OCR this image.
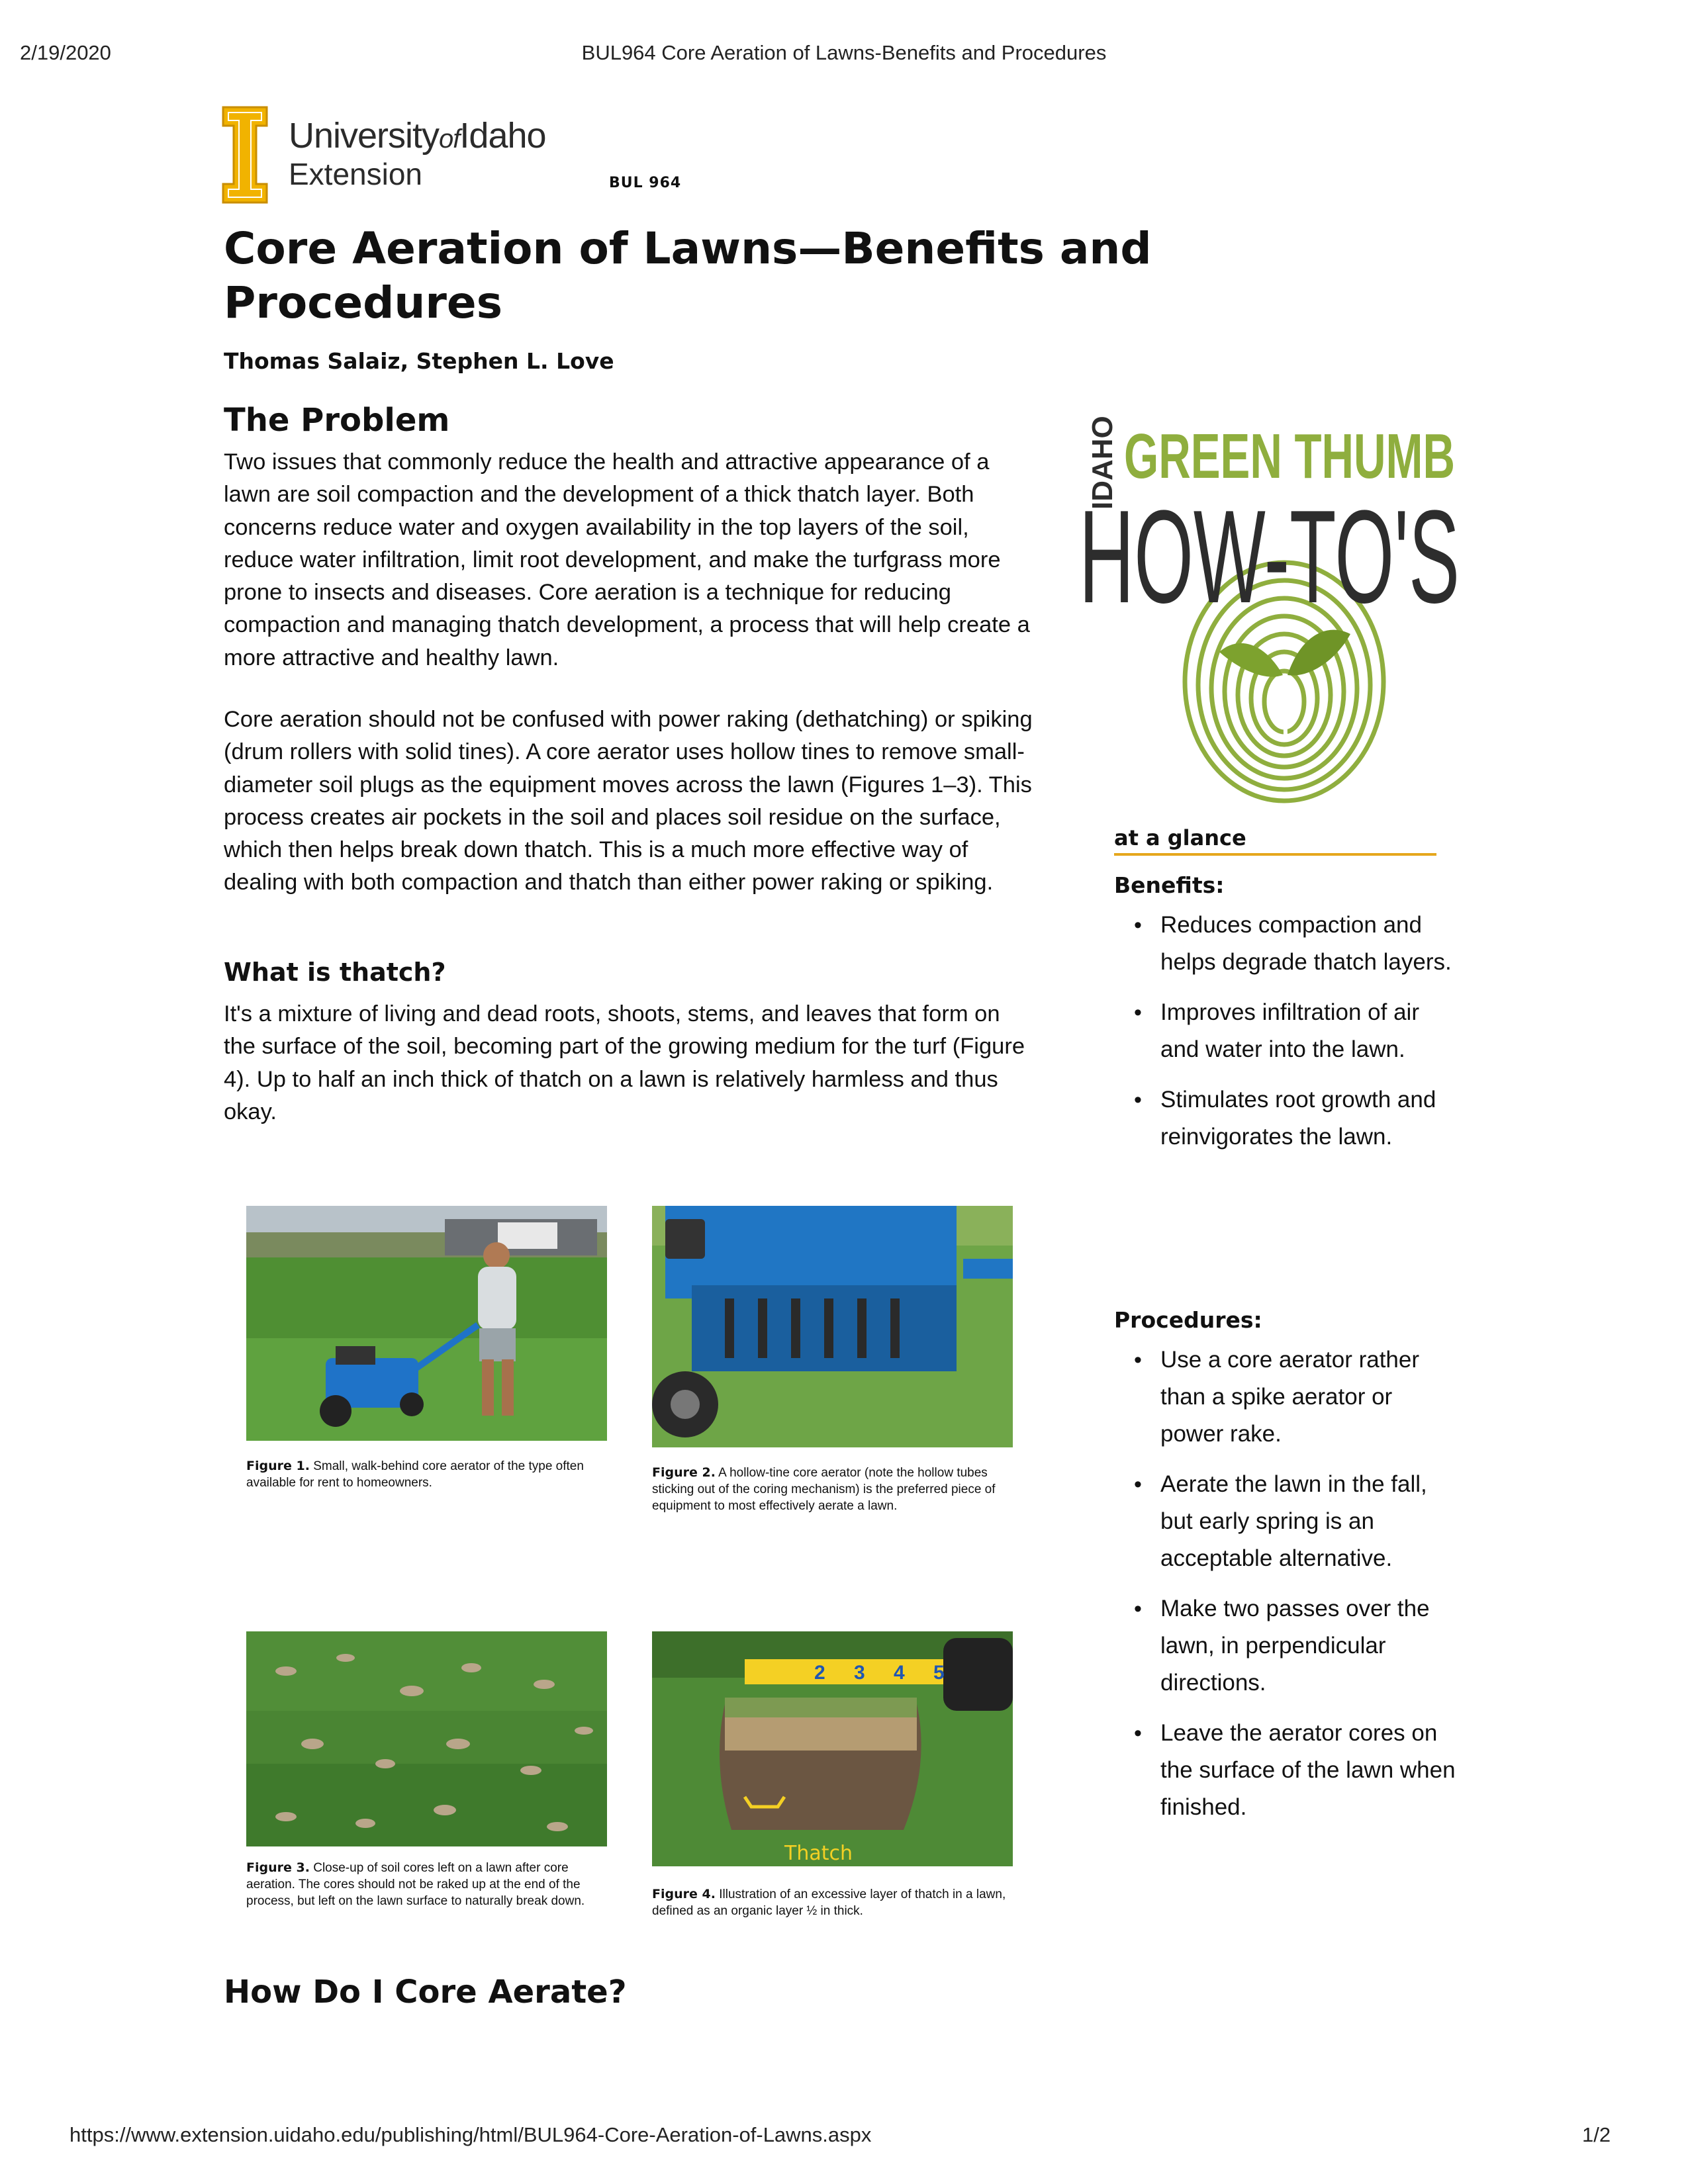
2/19/2020	BUL964 Core Aeration of Lawns-Benefits and Procedures
UniversityofIdaho
Extension	BUL 964
Core Aeration of Lawns—Benefits and Procedures
Thomas Salaiz, Stephen L. Love
The Problem
Two issues that commonly reduce the health and attractive appearance of a lawn are soil compaction and the development of a thick thatch layer. Both concerns reduce water and oxygen availability in the top layers of the soil, reduce water infiltration, limit root development, and make the turfgrass more prone to insects and diseases. Core aeration is a technique for reducing compaction and managing thatch development, a process that will help create a more attractive and healthy lawn.
Core aeration should not be confused with power raking (dethatching) or spiking (drum rollers with solid tines). A core aerator uses hollow tines to remove small-diameter soil plugs as the equipment moves across the lawn (Figures 1–3). This process creates air pockets in the soil and places soil residue on the surface, which then helps break down thatch. This is a much more effective way of dealing with both compaction and thatch than either power raking or spiking.
What is thatch?
It's a mixture of living and dead roots, shoots, stems, and leaves that form on the surface of the soil, becoming part of the growing medium for the turf (Figure 4). Up to half an inch thick of thatch on a lawn is relatively harmless and thus okay.
IDAHO GREEN THUMB
HOW-TO'S
at a glance
Benefits:
• Reduces compaction and helps degrade thatch layers.
• Improves infiltration of air and water into the lawn.
• Stimulates root growth and reinvigorates the lawn.
Procedures:
• Use a core aerator rather than a spike aerator or power rake.
• Aerate the lawn in the fall, but early spring is an acceptable alternative.
• Make two passes over the lawn, in perpendicular directions.
• Leave the aerator cores on the surface of the lawn when finished.
Figure 1. Small, walk-behind core aerator of the type often available for rent to homeowners.
Figure 2. A hollow-tine core aerator (note the hollow tubes sticking out of the coring mechanism) is the preferred piece of equipment to most effectively aerate a lawn.
Figure 3. Close-up of soil cores left on a lawn after core aeration. The cores should not be raked up at the end of the process, but left on the lawn surface to naturally break down.
2 3 4 5
Thatch
Figure 4. Illustration of an excessive layer of thatch in a lawn, defined as an organic layer ½ in thick.
How Do I Core Aerate?
https://www.extension.uidaho.edu/publishing/html/BUL964-Core-Aeration-of-Lawns.aspx	1/2
